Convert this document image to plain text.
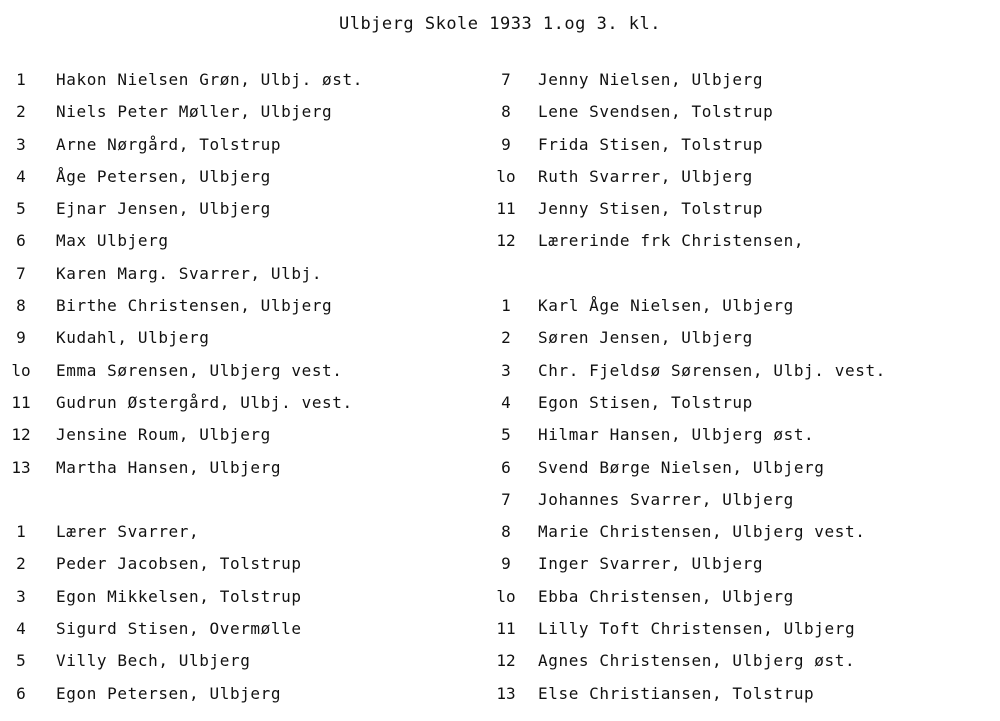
Ulbjerg Skole 1933 1.og 3. kl.
1	Hakon Nielsen Grøn, Ulbj. øst.
2	Niels Peter Møller, Ulbjerg
3	Arne Nørgård, Tolstrup
4	Åge Petersen, Ulbjerg
5	Ejnar Jensen, Ulbjerg
6	Max Ulbjerg
7	Karen Marg. Svarrer, Ulbj.
8	Birthe Christensen, Ulbjerg
9	Kudahl, Ulbjerg
lo	Emma Sørensen, Ulbjerg vest.
11	Gudrun Østergård, Ulbj. vest.
12	Jensine Roum, Ulbjerg
13	Martha Hansen, Ulbjerg
1	Lærer Svarrer,
2	Peder Jacobsen, Tolstrup
3	Egon Mikkelsen, Tolstrup
4	Sigurd Stisen, Overmølle
5	Villy Bech, Ulbjerg
6	Egon Petersen, Ulbjerg
7	Jenny Nielsen, Ulbjerg
8	Lene Svendsen, Tolstrup
9	Frida Stisen, Tolstrup
lo	Ruth Svarrer, Ulbjerg
11	Jenny Stisen, Tolstrup
12	Lærerinde frk Christensen,
1	Karl Åge Nielsen, Ulbjerg
2	Søren Jensen, Ulbjerg
3	Chr. Fjeldsø Sørensen, Ulbj. vest.
4	Egon Stisen, Tolstrup
5	Hilmar Hansen, Ulbjerg øst.
6	Svend Børge Nielsen, Ulbjerg
7	Johannes Svarrer, Ulbjerg
8	Marie Christensen, Ulbjerg vest.
9	Inger Svarrer, Ulbjerg
lo	Ebba Christensen, Ulbjerg
11	Lilly Toft Christensen, Ulbjerg
12	Agnes Christensen, Ulbjerg øst.
13	Else Christiansen, Tolstrup
